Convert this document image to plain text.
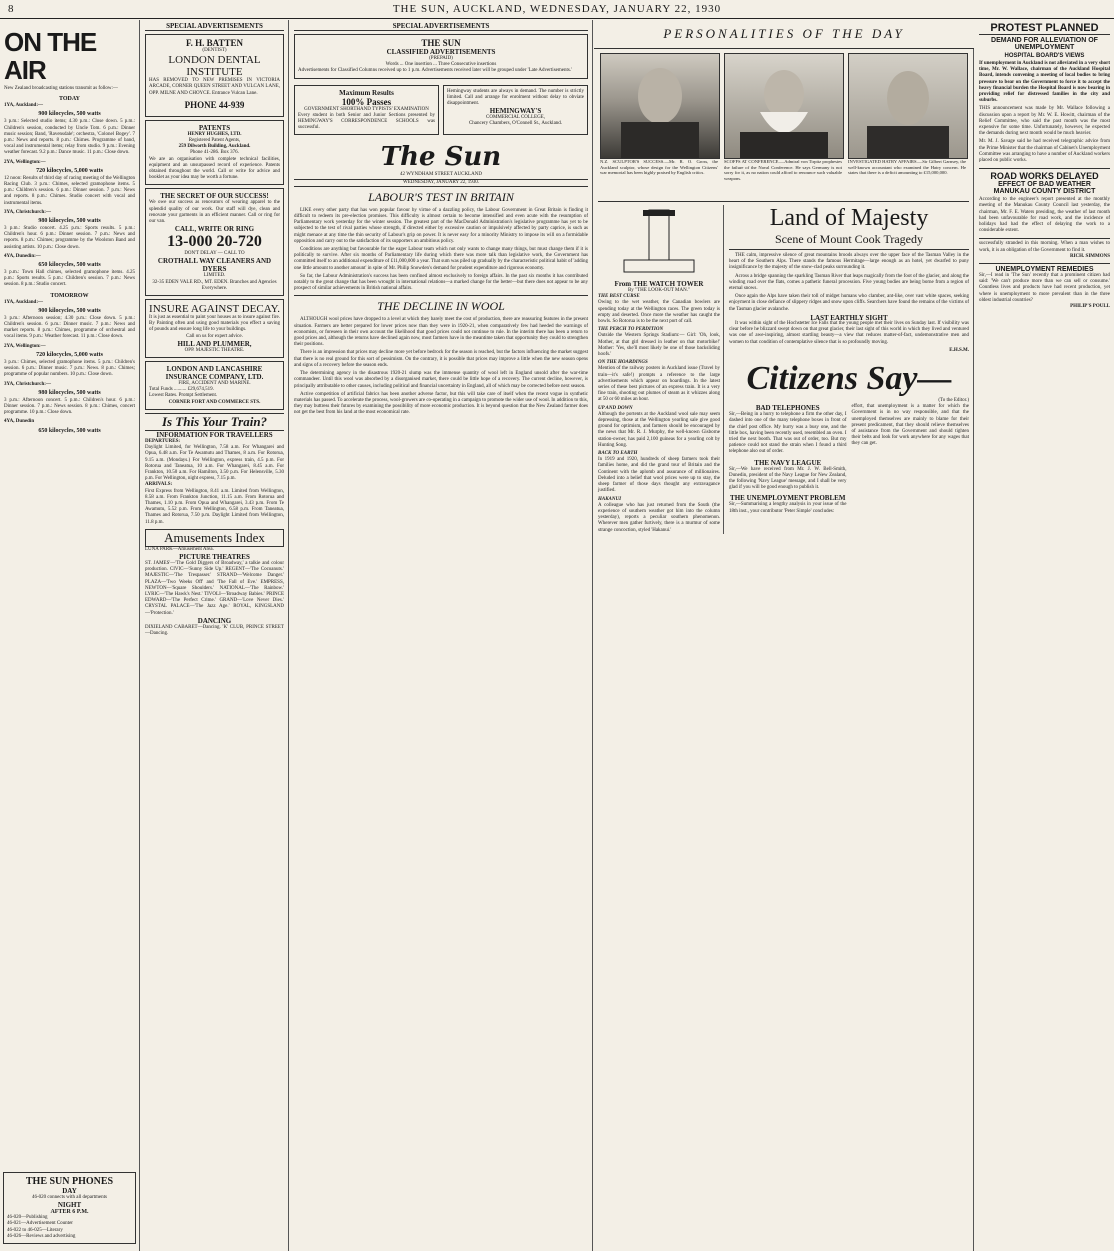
8	THE SUN, AUCKLAND, WEDNESDAY, JANUARY 22, 1930
ON THE AIR
New Zealand broadcasting stations transmit as follow:—
TODAY
1YA, Auckland:—
900 kilocycles, 500 watts
3 p.m.: Selected studio items; 4.30 p.m.: Close down. 5 p.m.: Children's session, conducted by Uncle Tom. 6 p.m.: Dinner music session; Band, 'Ravensdale'; orchestra, 'Colonel Bogey'. 7 p.m.: News and reports. 8 p.m.: Chimes. Programme of band, vocal and instrumental items; relay from studio. 9 p.m.: Evening weather forecast. 9.2 p.m.: Dance music. 11 p.m.: Close down.
2YA, Wellington:—
720 kilocycles, 5,000 watts
12 noon: Results of third day of racing meeting of the Wellington Racing Club. 3 p.m.: Chimes, selected gramophone items. 5 p.m.: Children's session. 6 p.m.: Dinner session. 7 p.m.: News and reports. 8 p.m.: Chimes. Studio concert with vocal and instrumental items.
3YA, Christchurch:—
980 kilocycles, 500 watts
3 p.m.: Studio concert. 4.25 p.m.: Sports results. 5 p.m.: Children's hour. 6 p.m.: Dinner session. 7 p.m.: News and reports. 8 p.m.: Chimes; programme by the Woolston Band and assisting artists. 10 p.m.: Close down.
4YA, Dunedin:—
650 kilocycles, 500 watts
3 p.m.: Town Hall chimes, selected gramophone items. 4.25 p.m.: Sports results. 5 p.m.: Children's session. 7 p.m.: News session. 8 p.m.: Studio concert.
TOMORROW
1YA, Auckland:—
900 kilocycles, 500 watts
3 p.m.: Afternoon session; 4.30 p.m.: Close down. 5 p.m.: Children's session. 6 p.m.: Dinner music. 7 p.m.: News and market reports. 8 p.m.: Chimes, programme of orchestral and vocal items. 9 p.m.: Weather forecast. 11 p.m.: Close down.
2YA, Wellington:—
720 kilocycles, 5,000 watts
3 p.m.: Chimes, selected gramophone items. 5 p.m.: Children's session. 6 p.m.: Dinner music. 7 p.m.: News. 8 p.m.: Chimes; programme of popular numbers. 10 p.m.: Close down.
3YA, Christchurch:—
980 kilocycles, 500 watts
3 p.m.: Afternoon concert. 5 p.m.: Children's hour. 6 p.m.: Dinner session. 7 p.m.: News session. 8 p.m.: Chimes, concert programme. 10 p.m.: Close down.
4YA, Dunedin
650 kilocycles, 500 watts
THE SUN PHONES
DAY
46-020 connects with all departments
NIGHT
AFTER 6 P.M.
46-020—Publishing
46-021—Advertisement Counter
46-022 to 46-025—Literary
46-026—Reviews and advertising
SPECIAL ADVERTISEMENTS
F. H. BATTEN
(DENTIST)
LONDON DENTAL INSTITUTE
HAS REMOVED TO NEW PREMISES IN VICTORIA ARCADE, CORNER QUEEN STREET AND VULCAN LANE, OPP. MILNE AND CHOYCE. Entrance Vulcan Lane.
PHONE 44-939
PATENTS
HENRY HUGHES, LTD.
Registered Patent Agents,
259 Dilworth Building, Auckland.
Phone 41-286. Box 376.
We are an organisation with complete technical facilities, equipment and an unsurpassed record of experience. Patents obtained throughout the world. Call or write for advice and booklet as your idea may be worth a fortune.
THE SECRET OF OUR SUCCESS!
We owe our success as renovators of wearing apparel to the splendid quality of our work. Our staff will dye, clean and renovate your garments in an efficient manner. Call or ring for our van.
CALL, WRITE OR RING
13-000 20-720
DON'T DELAY — CALL TO
CROTHALL WAY CLEANERS AND DYERS
LIMITED.
32-35 EDEN VALE RD., MT. EDEN. Branches and Agencies Everywhere.
INSURE AGAINST DECAY.
It is just as essential to paint your houses as to insure against fire. By Painting often and using good materials you effect a saving of pounds and ensure long life to your buildings.
Call on us for expert advice.
HILL AND PLUMMER,
OPP. MAJESTIC THEATRE.
LONDON AND LANCASHIRE INSURANCE COMPANY, LTD.
FIRE, ACCIDENT AND MARINE.
Total Funds .......... £29,674,519.
Lowest Rates. Prompt Settlement.
CORNER FORT AND COMMERCE STS.
Is This Your Train?
INFORMATION FOR TRAVELLERS
DEPARTURES:
Daylight Limited, for Wellington, 7.58 a.m. For Whangarei and Opua, 6.48 a.m. For Te Awamutu and Thames, 8 a.m. For Rotorua, 9.15 a.m. (Mondays.) For Wellington, express train, 4.5 p.m. For Rotorua and Taneatua, 10 a.m. For Whangarei, 8.45 a.m. For Frankton, 10.50 a.m. For Hamilton, 3.50 p.m. For Helensville, 5.30 p.m. For Wellington, night express, 7.15 p.m.
ARRIVALS:
First Express from Wellington, 8.41 a.m. Limited from Wellington, 8.58 a.m. From Frankton Junction, 11.15 a.m. From Rotorua and Thames, 1.10 p.m. From Opua and Whangarei, 3.43 p.m. From Te Awamutu, 5.52 p.m. From Wellington, 6.58 p.m. From Taneatua, Thames and Rotorua, 7.50 p.m. Daylight Limited from Wellington, 11.8 p.m.
Amusements Index
LUNA PARK—Amusement Area.
PICTURE THEATRES
ST. JAMES'—'The Gold Diggers of Broadway,' a talkie and colour production. CIVIC—'Sunny Side Up.' REGENT—'The Cocoanuts.' MAJESTIC—'The Trespasser.' STRAND—'Welcome Danger.' PLAZA—'Two Weeks Off' and 'The Fall of Eve.' EMPRESS, NEWTON—'Square Shoulders.' NATIONAL—'The Rainbow.' LYRIC—'The Hawk's Nest.' TIVOLI—'Broadway Babies.' PRINCE EDWARD—'The Perfect Crime.' GRAND—'Love Never Dies.' CRYSTAL PALACE—'The Jazz Age.' ROYAL, KINGSLAND—'Protection.'
DANCING
DIXIELAND CABARET—Dancing. 'K' CLUB, PRINCE STREET—Dancing.
SPECIAL ADVERTISEMENTS
THE SUN
CLASSIFIED ADVERTISEMENTS
(PREPAID)
Words ... One insertion ... Three Consecutive insertions
Advertisements for Classified Columns received up to 1 p.m. Advertisements received later will be grouped under 'Late Advertisements.'
Maximum Results
100% Passes
GOVERNMENT SHORTHAND TYPISTS' EXAMINATION
Every student in both Senior and Junior Sections presented by HEMINGWAY'S CORRESPONDENCE SCHOOLS was successful.
Hemingway students are always in demand. The number is strictly limited. Call and arrange for enrolment without delay to obviate disappointment.
HEMINGWAY'S
COMMERCIAL COLLEGE,
Chancery Chambers, O'Connell St., Auckland.
The Sun
42 WYNDHAM STREET AUCKLAND
WEDNESDAY, JANUARY 22, 1930.
LABOUR'S TEST IN BRITAIN

LIKE every other party that has won popular favour by virtue of a dazzling policy, the Labour Government in Great Britain is finding it difficult to redeem its pre-election promises. This difficulty is almost certain to become intensified and even acute with the resumption of Parliamentary work yesterday for the winter session. The greatest part of the MacDonald Administration's legislative programme has yet to be subjected to the test of rival parties whose strength, if directed either by excessive caution or impulsively affected by party caprice, is such as might menace at any time the thin security of Labour's grip on power. It is never easy for a minority Ministry to impose its will on a formidable opposition and carry out to the satisfaction of its supporters an ambitious policy.

Conditions are anything but favourable for the eager Labour team which not only wants to change many things, but must change them if it is politically to survive. After six months of Parliamentary life during which there was more talk than legislative work, the Government has committed itself to an additional expenditure of £11,000,000 a year. That sum was piled up gradually by the characteristic political habit of 'adding one little amount to another amount' in spite of Mr. Philip Snowden's demand for prudent expenditure and rigorous economy.

So far, the Labour Administration's success has been confined almost exclusively to foreign affairs. In the past six months it has contributed notably to the great change that has been wrought in international relations—a marked change for the better—but there does not appear to be any prospect of similar achievements in British national affairs.

THE DECLINE IN WOOL

ALTHOUGH wool prices have dropped to a level at which they barely meet the cost of production, there are reassuring features in the present situation. Farmers are better prepared for lower prices now than they were in 1920-21, when comparatively few had heeded the warnings of economists, or foreseen in their own account the likelihood that good prices could not continue to rule. In the interim there has been a return to good prices and, although the returns have declined again now, most farmers have in the meantime taken that opportunity they could to strengthen their positions.

There is an impression that prices may decline more yet before bedrock for the season is reached, but the factors influencing the market suggest that there is no real ground for this sort of pessimism. On the contrary, it is possible that prices may improve a little when the new season opens and signs of a recovery before the season ends.

The determining agency in the disastrous 1920-21 slump was the immense quantity of wool left in England unsold after the war-time commandeer. Until this wool was absorbed by a disorganised market, there could be little hope of a recovery. The current decline, however, is principally attributable to other causes, including political and financial uncertainty in England, all of which may be corrected before next season.

Active competition of artificial fabrics has been another adverse factor, but this will take care of itself when the recent vogue in synthetic materials has passed. To accelerate the process, wool-growers are co-operating in a campaign to promote the wider use of wool. In addition to this, they may buttress their futures by examining the possibility of more economic production. It is beyond question that the New Zealand farmer does not get the best from his land at the most economical rate.

PERSONALITIES OF THE DAY
N.Z. SCULPTOR'S SUCCESS.—Mr. R. O. Gross, the Auckland sculptor, whose design for the Wellington Citizens' war memorial has been highly praised by English critics.
SCOFFS AT CONFERENCE.—Admiral von Tirpitz prophesies the failure of the Naval Conference. He says Germany is not sorry for it, as no nation could afford to renounce such valuable weapons.
INVESTIGATED HATRY AFFAIRS.—Sir Gilbert Garnsey, the well-known accountant who examined the Hatry concern. He states that there is a deficit amounting to £15,000,000.
From THE WATCH TOWER
By "THE LOOK-OUT MAN."
THE BEST CURSE
Owing to the wet weather, the Canadian bowlers are spending today at the Wellington races. The green today is empty and deserted. Once more the weather has caught the bowls. So Rotorua is to be the next port of call.
THE PERCH TO PERDITION
Outside the Western Springs Stadium:— Girl: 'Oh, look, Mother, at that girl dressed in leather on that motorbike!' Mother: 'Yes, she'll most likely be one of those backsliding hoofs.'
ON THE HOARDINGS
Mention of the railway posters in Auckland issue (Travel by train—it's safe!) prompts a reference to the large advertisements which appear on hoardings. In the latest series of these best pictures of an express train. It is a very fine train, shooting out plumes of steam as it whizzes along at 50 or 60 miles an hour.
UP AND DOWN
Although the portents at the Auckland wool sale may seem depressing, those at the Wellington yearling sale give good ground for optimism, and farmers should be encouraged by the news that Mr. R. J. Murphy, the well-known Gisborne station-owner, has paid 2,100 guineas for a yearling colt by Hunting Song.
BACK TO EARTH
In 1919 and 1920, hundreds of sheep farmers took their families home, and did the grand tour of Britain and the Continent with the aplomb and assurance of millionaires. Deluded into a belief that wool prices were up to stay, the sheep farmer of those days thought any extravagance justified.
HAKANUI
A colleague who has just returned from the South (the experience of southern weather got him into the column yesterday), reports a peculiar southern phenomenon. Wherever men gather furtively, there is a murmur of some strange concoction, styled 'Hakanui.'
Land of Majesty
Scene of Mount Cook Tragedy

THE calm, impressive silence of great mountains broods always over the upper face of the Tasman Valley in the heart of the Southern Alps. There stands the famous Hermitage—large enough as an hotel, yet dwarfed to puny insignificance by the majesty of the snow-clad peaks surrounding it.

Across a bridge spanning the sparkling Tasman River that leaps magically from the foot of the glacier, and along the winding road over the flats, comes a pathetic funeral procession. Five young bodies are being borne from a region of eternal snows.

Once again the Alps have taken their toll of midget humans who clamber, ant-like, over vast white spaces, seeking enjoyment in close defiance of slippery ridges and snow upon cliffs. Searchers have found the remains of the victims of the Tasman glacier avalanche.

LAST EARTHLY SIGHT

It was within sight of the Hochstetter Ice Falls that the young people met their lives on Sunday last. If visibility was clear before he blizzard swept down on that great glacier, their last sight of this world in which they lived and ventured was one of awe-inspiring, almost startling beauty—a view that reduces matter-of-fact, undemonstrative men and women to that condition of contemplative silence that is so profoundly moving.

E.H.S.M.
Citizens Say—
(To the Editor.)
BAD TELEPHONES
Sir,—Being in a hurry to telephone a firm the other day, I dashed into one of the many telephone boxes in front of the chief post office. My hurry was a busy one, and the little box, having been recently used, resembled an oven. I tried the next booth. That was out of order, too. But my patience could not stand the strain when I found a third telephone also out of order.
THE NAVY LEAGUE
Sir,—We have received from Mr. J. W. Bell-Smith, Dunedin, president of the Navy League for New Zealand, the following 'Navy League' message, and I shall be very glad if you will be good enough to publish it.
THE UNEMPLOYMENT PROBLEM
Sir,—Summarising a lengthy analysis in your issue of the 18th inst., your contributor 'Peter Simple' concludes:
effort, that unemployment is a matter for which the Government is in no way responsible, and that the unemployed themselves are mainly to blame for their present predicament, that they should relieve themselves of assistance from the Government and should tighten their belts and look for work anywhere for any wages that they can get.
PROTEST PLANNED
DEMAND FOR ALLEVIATION OF UNEMPLOYMENT
HOSPITAL BOARD'S VIEWS
If unemployment in Auckland is not alleviated in a very short time, Mr. W. Wallace, chairman of the Auckland Hospital Board, intends convening a meeting of local bodies to bring pressure to bear on the Government to force it to accept the heavy financial burden the Hospital Board is now bearing in providing relief for distressed families in the city and suburbs.
THIS announcement was made by Mr. Wallace following a discussion upon a report by Mr. W. E. Howitt, chairman of the Relief Committee, who said the past month was the most expensive for some time. Unfortunately, however, he expected the demands during next month would be much heavier.
Mr. M. J. Savage said he had received telegraphic advice from the Prime Minister that the chairman of Cabinet's Unemployment Committee was arranging to have a number of Auckland workers placed on public works.
ROAD WORKS DELAYED
EFFECT OF BAD WEATHER
MANUKAU COUNTY DISTRICT
According to the engineer's report presented at the monthly meeting of the Manukau County Council last yesterday, the chairman, Mr. F. E. Waters presiding, the weather of last month had been unfavourable for road work, and the incidence of holidays had had the effect of delaying the work to a considerable extent.
successfully stranded in this morning. When a man wishes to work, it is an obligation of the Government to find it.
RICH. SIMMONS
UNEMPLOYMENT REMEDIES
Sir,—I read in 'The Sun' recently that a prominent citizen had said: 'We can't produce more than we can sell or consume.' Countless lives and products have had recent production, yet where is unemployment to more prevalent than in the three oldest industrial countries?
PHILIP'S POULL
